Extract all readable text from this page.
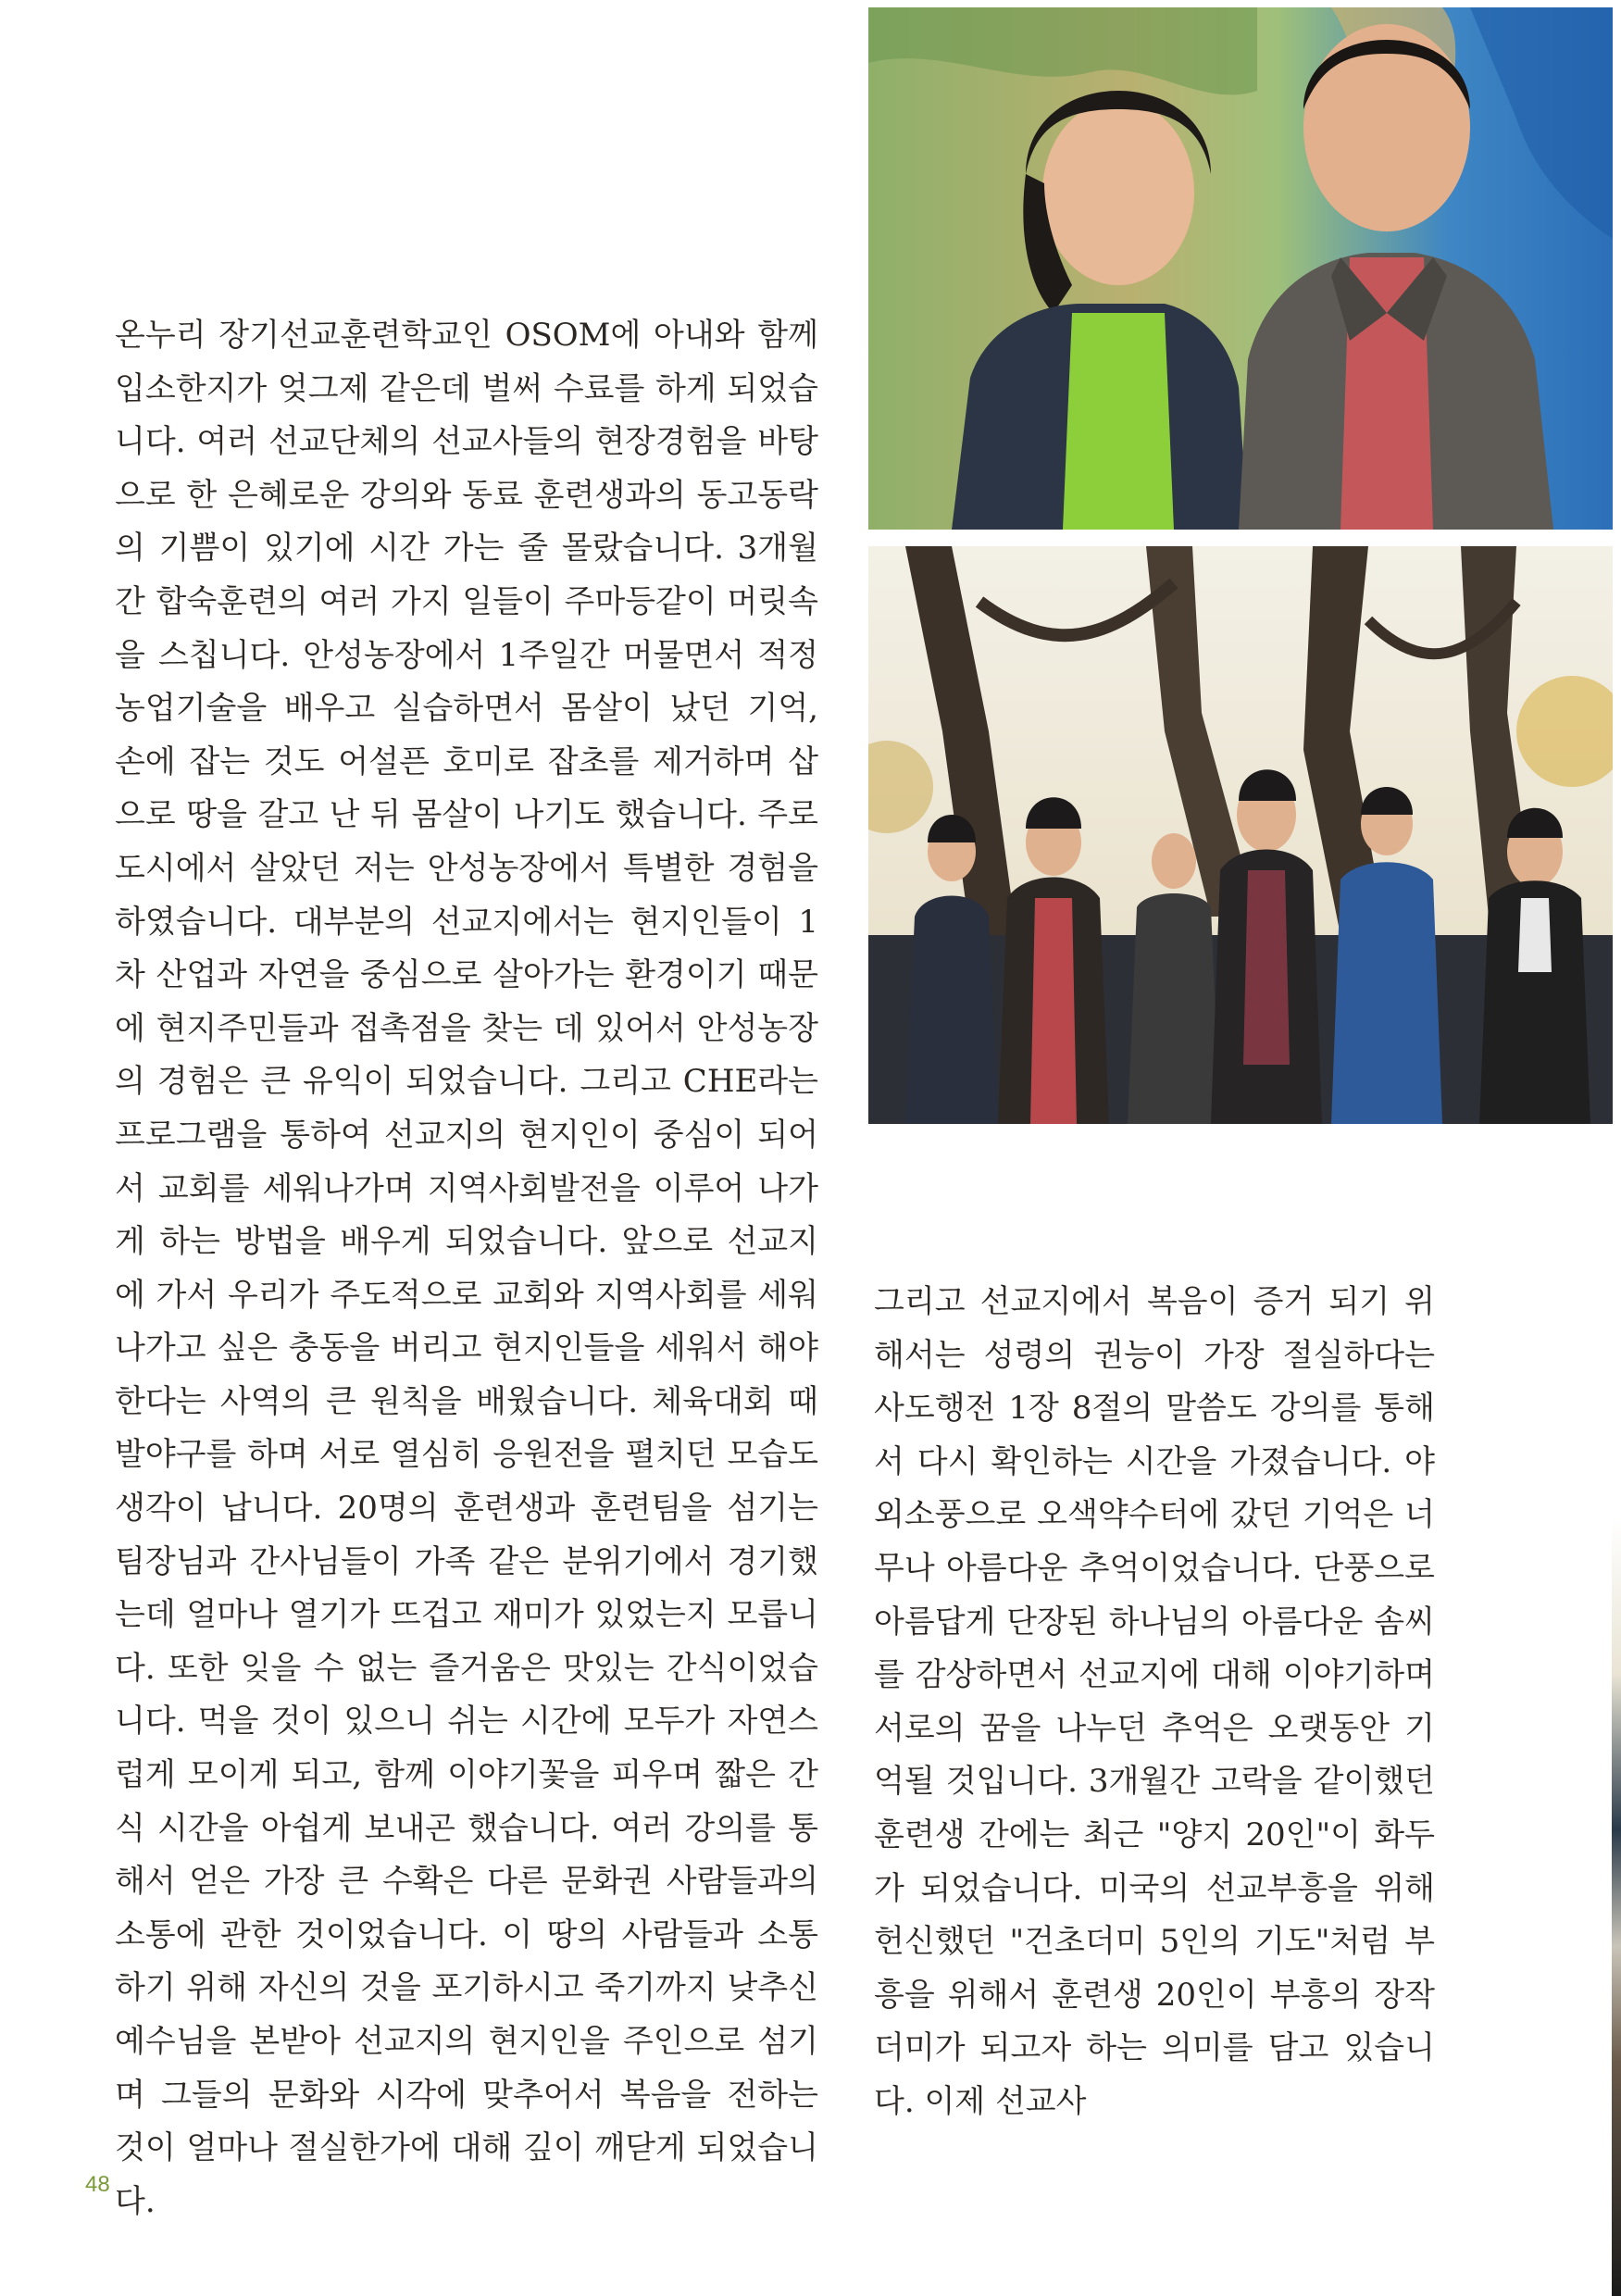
온누리 장기선교훈련학교인 OSOM에 아내와 함께 입소한지가 엊그제 같은데 벌써 수료를 하게 되었습니다. 여러 선교단체의 선교사들의 현장경험을 바탕으로 한 은혜로운 강의와 동료 훈련생과의 동고동락의 기쁨이 있기에 시간 가는 줄 몰랐습니다. 3개월간 합숙훈련의 여러 가지 일들이 주마등같이 머릿속을 스칩니다. 안성농장에서 1주일간 머물면서 적정농업기술을 배우고 실습하면서 몸살이 났던 기억, 손에 잡는 것도 어설픈 호미로 잡초를 제거하며 삽으로 땅을 갈고 난 뒤 몸살이 나기도 했습니다. 주로 도시에서 살았던 저는 안성농장에서 특별한 경험을 하였습니다. 대부분의 선교지에서는 현지인들이 1차 산업과 자연을 중심으로 살아가는 환경이기 때문에 현지주민들과 접촉점을 찾는 데 있어서 안성농장의 경험은 큰 유익이 되었습니다. 그리고 CHE라는 프로그램을 통하여 선교지의 현지인이 중심이 되어서 교회를 세워나가며 지역사회발전을 이루어 나가게 하는 방법을 배우게 되었습니다. 앞으로 선교지에 가서 우리가 주도적으로 교회와 지역사회를 세워나가고 싶은 충동을 버리고 현지인들을 세워서 해야 한다는 사역의 큰 원칙을 배웠습니다. 체육대회 때 발야구를 하며 서로 열심히 응원전을 펼치던 모습도 생각이 납니다. 20명의 훈련생과 훈련팀을 섬기는 팀장님과 간사님들이 가족 같은 분위기에서 경기했는데 얼마나 열기가 뜨겁고 재미가 있었는지 모릅니다. 또한 잊을 수 없는 즐거움은 맛있는 간식이었습니다. 먹을 것이 있으니 쉬는 시간에 모두가 자연스럽게 모이게 되고, 함께 이야기꽃을 피우며 짧은 간식 시간을 아쉽게 보내곤 했습니다. 여러 강의를 통해서 얻은 가장 큰 수확은 다른 문화권 사람들과의 소통에 관한 것이었습니다. 이 땅의 사람들과 소통하기 위해 자신의 것을 포기하시고 죽기까지 낮추신 예수님을 본받아 선교지의 현지인을 주인으로 섬기며 그들의 문화와 시각에 맞추어서 복음을 전하는 것이 얼마나 절실한가에 대해 깊이 깨닫게 되었습니다.

그리고 선교지에서 복음이 증거 되기 위해서는 성령의 권능이 가장 절실하다는 사도행전 1장 8절의 말씀도 강의를 통해서 다시 확인하는 시간을 가졌습니다. 야외소풍으로 오색약수터에 갔던 기억은 너무나 아름다운 추억이었습니다. 단풍으로 아름답게 단장된 하나님의 아름다운 솜씨를 감상하면서 선교지에 대해 이야기하며 서로의 꿈을 나누던 추억은 오랫동안 기억될 것입니다. 3개월간 고락을 같이했던 훈련생 간에는 최근 "양지 20인"이 화두가 되었습니다. 미국의 선교부흥을 위해 헌신했던 "건초더미 5인의 기도"처럼 부흥을 위해서 훈련생 20인이 부흥의 장작더미가 되고자 하는 의미를 담고 있습니다. 이제 선교사

48
